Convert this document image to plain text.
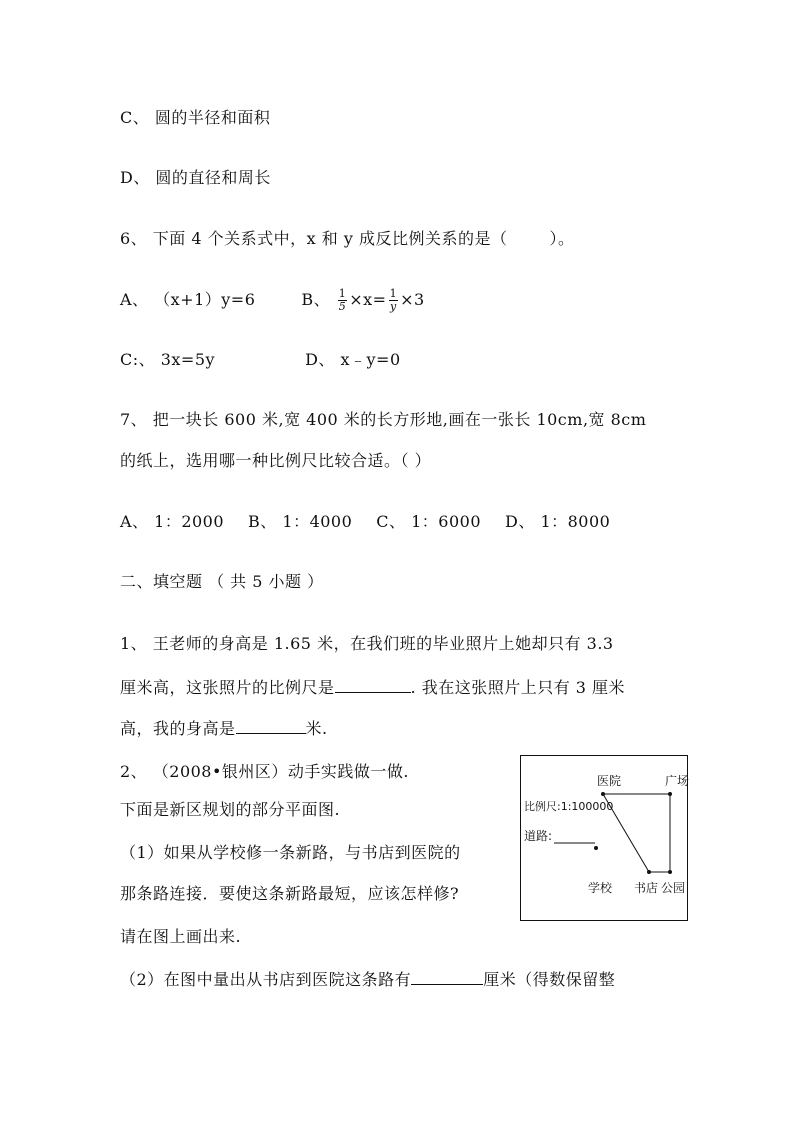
C、 圆的半径和面积
D、 圆的直径和周长
6、 下面 4 个关系式中，x 和 y 成反比例关系的是（	）。
A、 （x+1）y=6	B、 $\frac{1}{5} \times x= \frac{1}{y} \times 3$
C:、 3x=5y	D、 x﹣y=0
7、 把一块长 600 米,宽 400 米的长方形地,画在一张长 10cm,宽 8cm
的纸上，选用哪一种比例尺比较合适。（ ）
A、 1：2000 B、 1：4000 C、 1：6000 D、 1：8000
二、填空题 （ 共 5 小题 ）
1、 王老师的身高是 1.65 米，在我们班的毕业照片上她却只有 3.3
厘米高，这张照片的比例尺是	. 我在这张照片上只有 3 厘米
高，我的身高是	米.
2、 （2008•银州区）动手实践做一做.
下面是新区规划的部分平面图.
（1）如果从学校修一条新路，与书店到医院的
那条路连接．要使这条新路最短，应该怎样修?
请在图上画出来.
（2）在图中量出从书店到医院这条路有	厘米（得数保留整
医院	广场
比例尺:1:100000
道路:
学校 书店 公园
